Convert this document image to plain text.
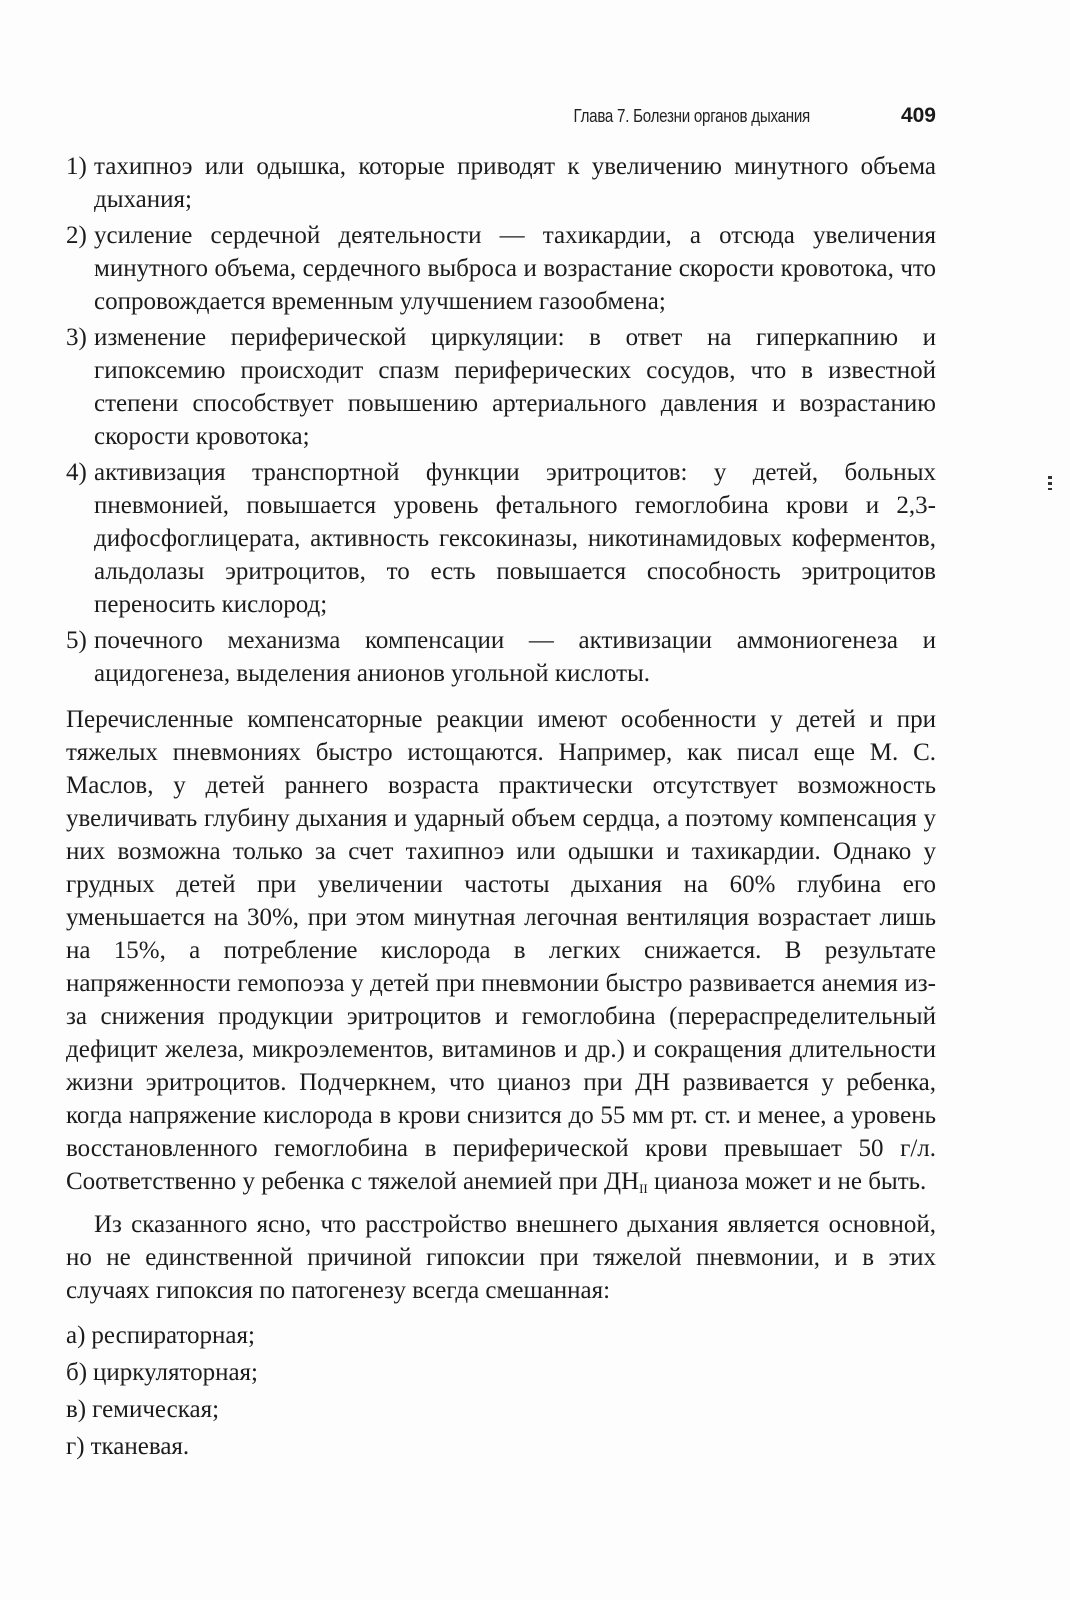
Глава 7. Болезни органов дыхания	409
1) тахипноэ или одышка, которые приводят к увеличению минутного объема дыхания;
2) усиление сердечной деятельности — тахикардии, а отсюда увеличения минутного объема, сердечного выброса и возрастание скорости кровотока, что сопровождается временным улучшением газообмена;
3) изменение периферической циркуляции: в ответ на гиперкапнию и гипоксемию происходит спазм периферических сосудов, что в известной степени способствует повышению артериального давления и возрастанию скорости кровотока;
4) активизация транспортной функции эритроцитов: у детей, больных пневмонией, повышается уровень фетального гемоглобина крови и 2,3-дифосфоглицерата, активность гексокиназы, никотинамидовых коферментов, альдолазы эритроцитов, то есть повышается способность эритроцитов переносить кислород;
5) почечного механизма компенсации — активизации аммониогенеза и ацидогенеза, выделения анионов угольной кислоты.

Перечисленные компенсаторные реакции имеют особенности у детей и при тяжелых пневмониях быстро истощаются. Например, как писал еще М. С. Маслов, у детей раннего возраста практически отсутствует возможность увеличивать глубину дыхания и ударный объем сердца, а поэтому компенсация у них возможна только за счет тахипноэ или одышки и тахикардии. Однако у грудных детей при увеличении частоты дыхания на 60% глубина его уменьшается на 30%, при этом минутная легочная вентиляция возрастает лишь на 15%, а потребление кислорода в легких снижается. В результате напряженности гемопоэза у детей при пневмонии быстро развивается анемия из-за снижения продукции эритроцитов и гемоглобина (перераспределительный дефицит железа, микроэлементов, витаминов и др.) и сокращения длительности жизни эритроцитов. Подчеркнем, что цианоз при ДН развивается у ребенка, когда напряжение кислорода в крови снизится до 55 мм рт. ст. и менее, а уровень восстановленного гемоглобина в периферической крови превышает 50 г/л. Соответственно у ребенка с тяжелой анемией при $ДН_{II}$ цианоза может и не быть.

Из сказанного ясно, что расстройство внешнего дыхания является основной, но не единственной причиной гипоксии при тяжелой пневмонии, и в этих случаях гипоксия по патогенезу всегда смешанная:

а) респираторная;
б) циркуляторная;
в) гемическая;
г) тканевая.
